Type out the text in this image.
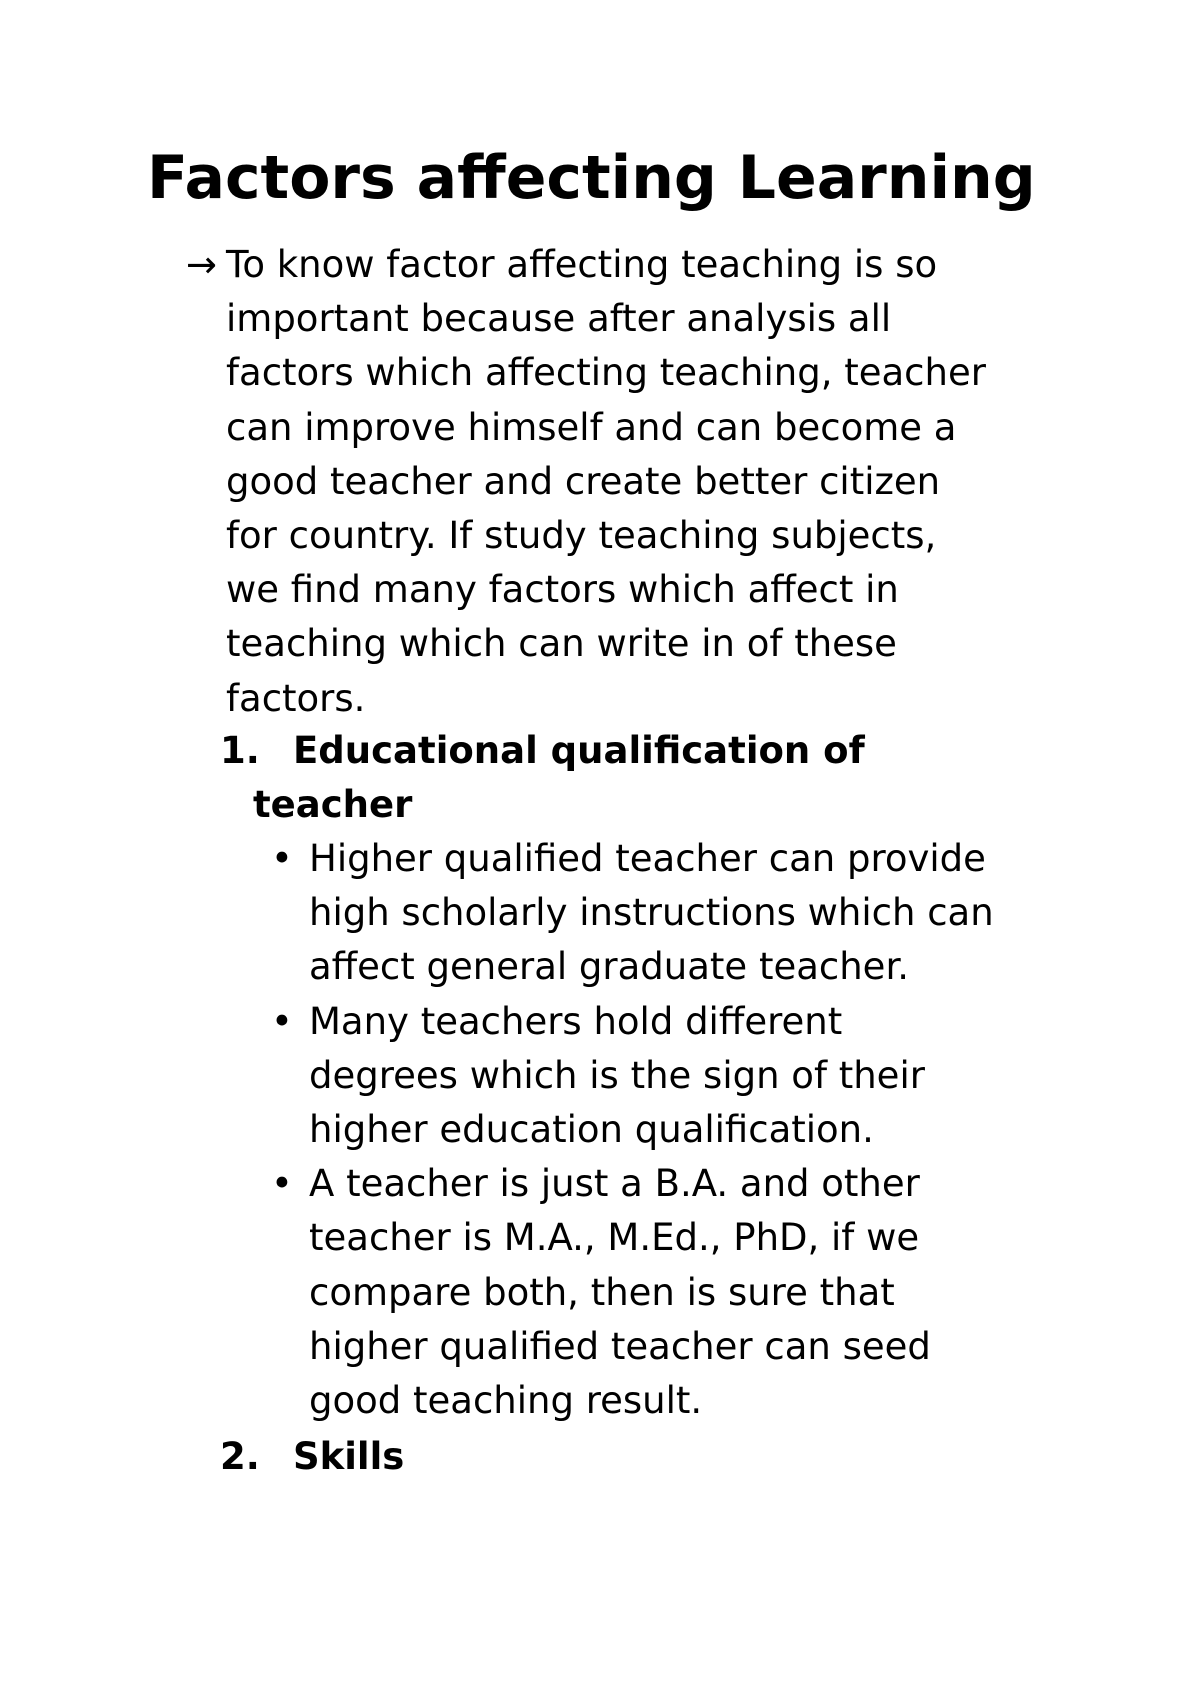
Factors affecting Learning
→ To know factor affecting teaching is so
important because after analysis all
factors which affecting teaching, teacher
can improve himself and can become a
good teacher and create better citizen
for country. If study teaching subjects,
we find many factors which affect in
teaching which can write in of these
factors.
1. Educational qualification of
teacher
• Higher qualified teacher can provide
high scholarly instructions which can
affect general graduate teacher.
• Many teachers hold different
degrees which is the sign of their
higher education qualification.
• A teacher is just a B.A. and other
teacher is M.A., M.Ed., PhD, if we
compare both, then is sure that
higher qualified teacher can seed
good teaching result.
2. Skills
